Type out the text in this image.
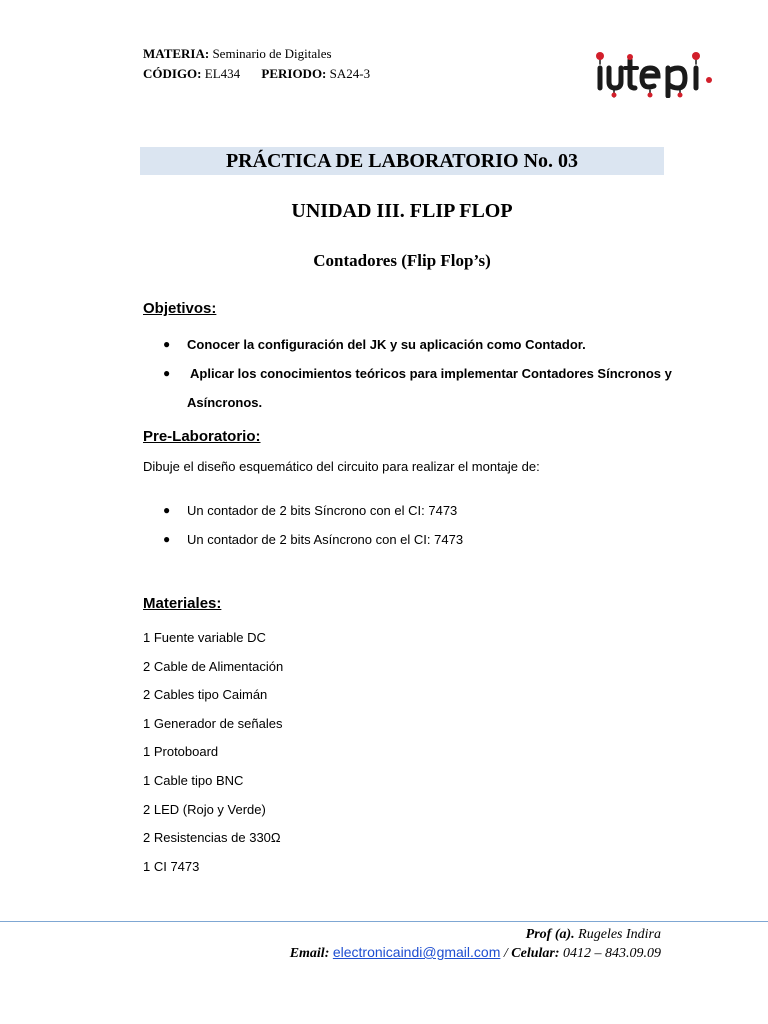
MATERIA: Seminario de Digitales
CÓDIGO: EL434 PERIODO: SA24-3
PRÁCTICA DE LABORATORIO No. 03
UNIDAD III. FLIP FLOP
Contadores (Flip Flop’s)
Objetivos:
●	Conocer la configuración del JK y su aplicación como Contador.
●	Aplicar los conocimientos teóricos para implementar Contadores Síncronos y Asíncronos.
Pre-Laboratorio:
Dibuje el diseño esquemático del circuito para realizar el montaje de:
●	Un contador de 2 bits Síncrono con el CI: 7473
●	Un contador de 2 bits Asíncrono con el CI: 7473
Materiales:
1 Fuente variable DC
2 Cable de Alimentación
2 Cables tipo Caimán
1 Generador de señales
1 Protoboard
1 Cable tipo BNC
2 LED (Rojo y Verde)
2 Resistencias de 330Ω
1 CI 7473
Prof (a). Rugeles Indira
Email: electronicaindi@gmail.com / Celular: 0412 – 843.09.09
